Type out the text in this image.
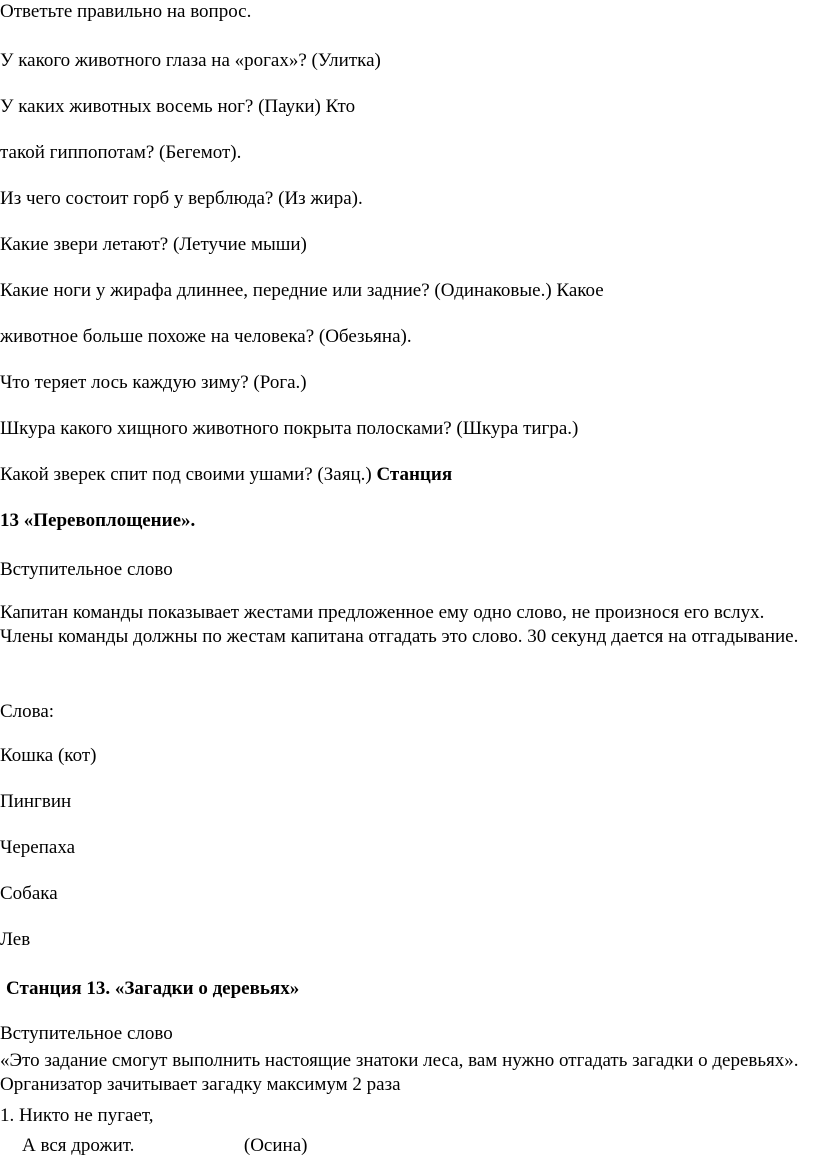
Ответьте правильно на вопрос.
У какого животного глаза на «рогах»? (Улитка)
У каких животных восемь ног? (Пауки) Кто
такой гиппопотам? (Бегемот).
Из чего состоит горб у верблюда? (Из жира).
Какие звери летают? (Летучие мыши)
Какие ноги у жирафа длиннее, передние или задние? (Одинаковые.) Какое
животное больше похоже на человека? (Обезьяна).
Что теряет лось каждую зиму? (Рога.)
Шкура какого хищного животного покрыта полосками? (Шкура тигра.)
Какой зверек спит под своими ушами? (Заяц.) Станция
13 «Перевоплощение».
Вступительное слово
Капитан команды показывает жестами предложенное ему одно слово, не произнося его вслух. Члены команды должны по жестам капитана отгадать это слово. 30 секунд дается на отгадывание.
Слова:
Кошка (кот)
Пингвин
Черепаха
Собака
Лев
Станция 13. «Загадки о деревьях»
Вступительное слово
«Это задание смогут выполнить настоящие знатоки леса, вам нужно отгадать загадки о деревьях». Организатор зачитывает загадку максимум 2 раза
1. Никто не пугает,
А вся дрожит.	(Осина)
